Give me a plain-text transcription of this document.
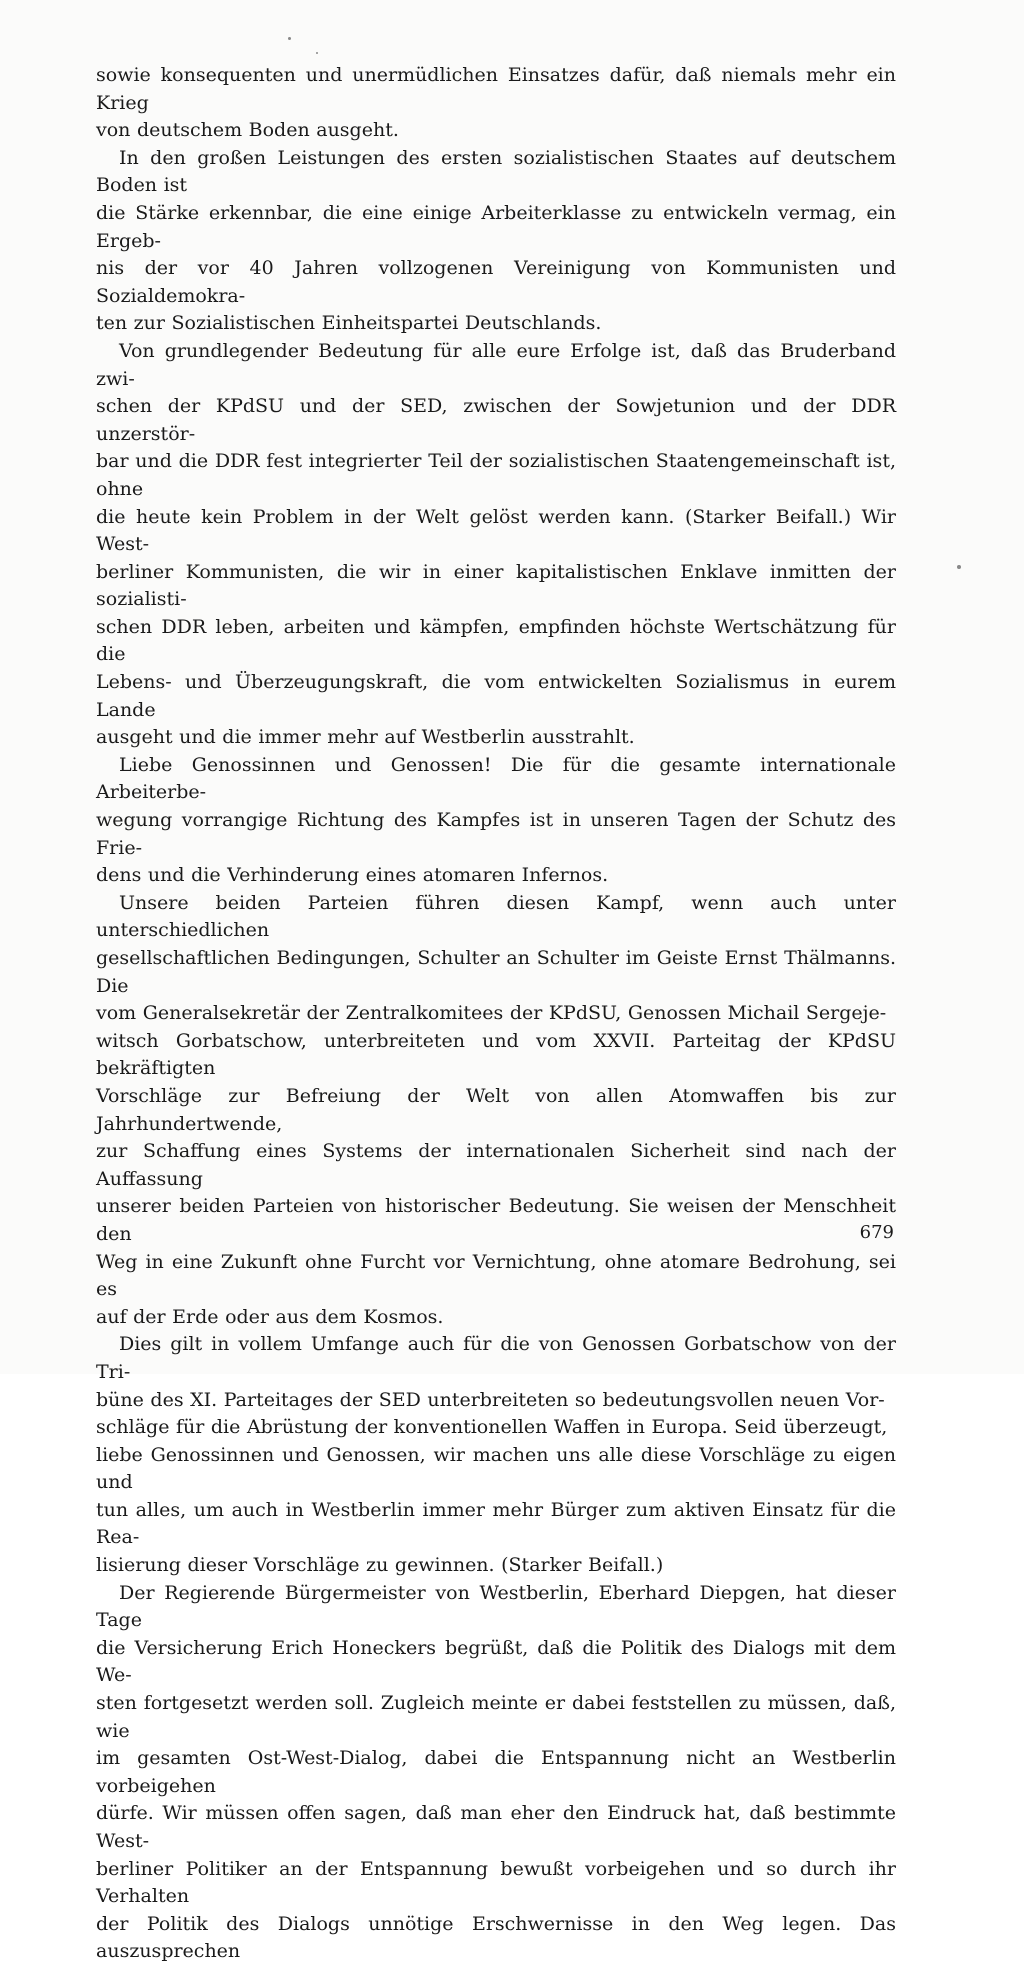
sowie konsequenten und unermüdlichen Einsatzes dafür, daß niemals mehr ein Krieg
von deutschem Boden ausgeht.

In den großen Leistungen des ersten sozialistischen Staates auf deutschem Boden ist
die Stärke erkennbar, die eine einige Arbeiterklasse zu entwickeln vermag, ein Ergeb-
nis der vor 40 Jahren vollzogenen Vereinigung von Kommunisten und Sozialdemokra-
ten zur Sozialistischen Einheitspartei Deutschlands.

Von grundlegender Bedeutung für alle eure Erfolge ist, daß das Bruderband zwi-
schen der KPdSU und der SED, zwischen der Sowjetunion und der DDR unzerstör-
bar und die DDR fest integrierter Teil der sozialistischen Staatengemeinschaft ist, ohne
die heute kein Problem in der Welt gelöst werden kann. (Starker Beifall.) Wir West-
berliner Kommunisten, die wir in einer kapitalistischen Enklave inmitten der sozialisti-
schen DDR leben, arbeiten und kämpfen, empfinden höchste Wertschätzung für die
Lebens- und Überzeugungskraft, die vom entwickelten Sozialismus in eurem Lande
ausgeht und die immer mehr auf Westberlin ausstrahlt.

Liebe Genossinnen und Genossen! Die für die gesamte internationale Arbeiterbe-
wegung vorrangige Richtung des Kampfes ist in unseren Tagen der Schutz des Frie-
dens und die Verhinderung eines atomaren Infernos.

Unsere beiden Parteien führen diesen Kampf, wenn auch unter unterschiedlichen
gesellschaftlichen Bedingungen, Schulter an Schulter im Geiste Ernst Thälmanns. Die
vom Generalsekretär der Zentralkomitees der KPdSU, Genossen Michail Sergeje-
witsch Gorbatschow, unterbreiteten und vom XXVII. Parteitag der KPdSU bekräftigten
Vorschläge zur Befreiung der Welt von allen Atomwaffen bis zur Jahrhundertwende,
zur Schaffung eines Systems der internationalen Sicherheit sind nach der Auffassung
unserer beiden Parteien von historischer Bedeutung. Sie weisen der Menschheit den
Weg in eine Zukunft ohne Furcht vor Vernichtung, ohne atomare Bedrohung, sei es
auf der Erde oder aus dem Kosmos.

Dies gilt in vollem Umfange auch für die von Genossen Gorbatschow von der Tri-
büne des XI. Parteitages der SED unterbreiteten so bedeutungsvollen neuen Vor-
schläge für die Abrüstung der konventionellen Waffen in Europa. Seid überzeugt,
liebe Genossinnen und Genossen, wir machen uns alle diese Vorschläge zu eigen und
tun alles, um auch in Westberlin immer mehr Bürger zum aktiven Einsatz für die Rea-
lisierung dieser Vorschläge zu gewinnen. (Starker Beifall.)

Der Regierende Bürgermeister von Westberlin, Eberhard Diepgen, hat dieser Tage
die Versicherung Erich Honeckers begrüßt, daß die Politik des Dialogs mit dem We-
sten fortgesetzt werden soll. Zugleich meinte er dabei feststellen zu müssen, daß, wie
im gesamten Ost-West-Dialog, dabei die Entspannung nicht an Westberlin vorbeigehen
dürfe. Wir müssen offen sagen, daß man eher den Eindruck hat, daß bestimmte West-
berliner Politiker an der Entspannung bewußt vorbeigehen und so durch ihr Verhalten
der Politik des Dialogs unnötige Erschwernisse in den Weg legen. Das auszusprechen

679
